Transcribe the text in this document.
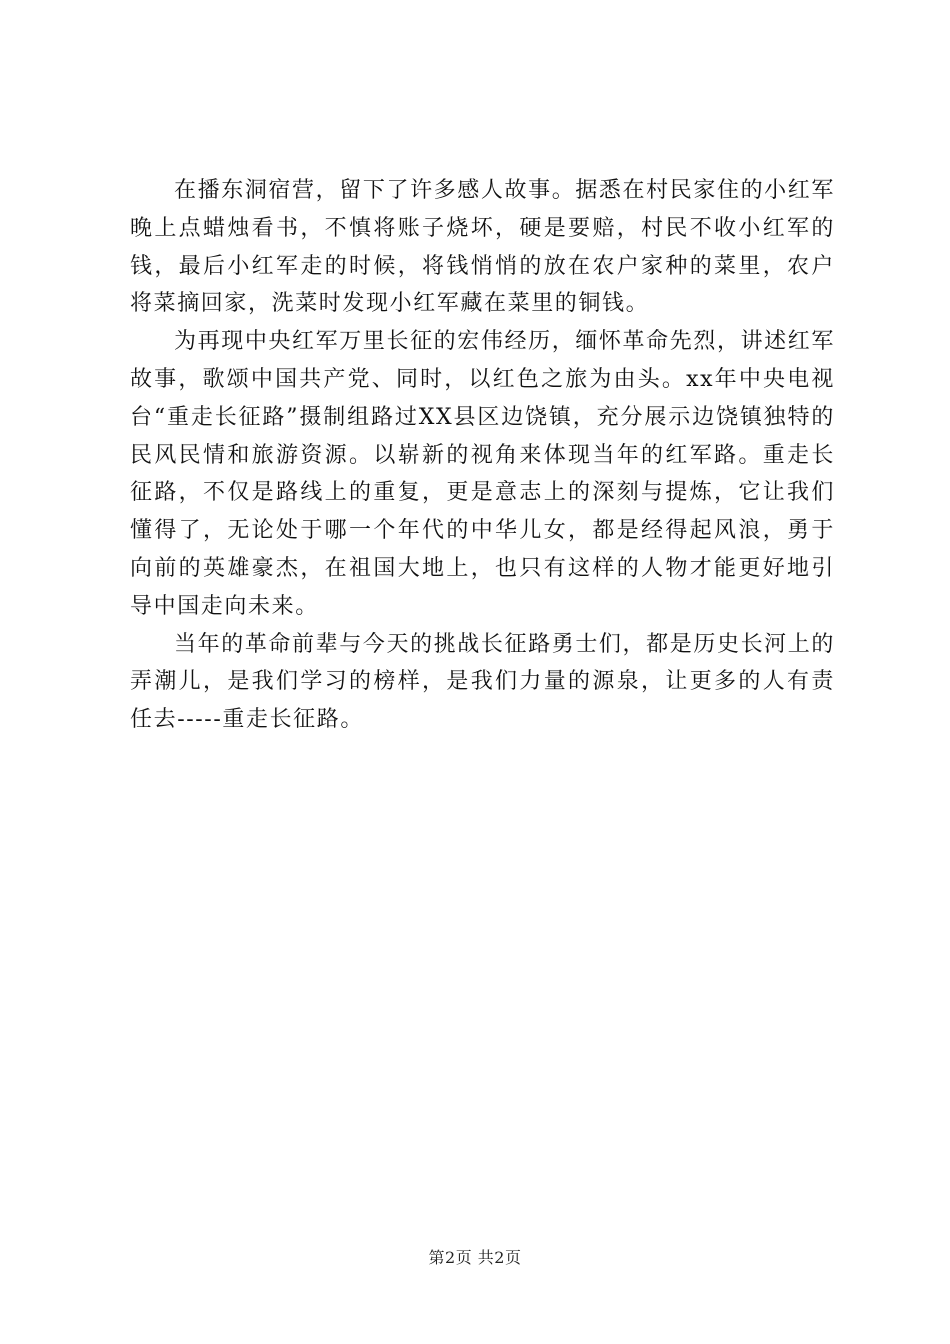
在播东洞宿营，留下了许多感人故事。据悉在村民家住的小红军晚上点蜡烛看书，不慎将账子烧坏，硬是要赔，村民不收小红军的钱，最后小红军走的时候，将钱悄悄的放在农户家种的菜里，农户将菜摘回家，洗菜时发现小红军藏在菜里的铜钱。

为再现中央红军万里长征的宏伟经历，缅怀革命先烈，讲述红军故事，歌颂中国共产党、同时，以红色之旅为由头。xx年中央电视台“重走长征路”摄制组路过XX县区边饶镇，充分展示边饶镇独特的民风民情和旅游资源。以崭新的视角来体现当年的红军路。重走长征路，不仅是路线上的重复，更是意志上的深刻与提炼，它让我们懂得了，无论处于哪一个年代的中华儿女，都是经得起风浪，勇于向前的英雄豪杰，在祖国大地上，也只有这样的人物才能更好地引导中国走向未来。

当年的革命前辈与今天的挑战长征路勇士们，都是历史长河上的弄潮儿，是我们学习的榜样，是我们力量的源泉，让更多的人有责任去-----重走长征路。

第2页 共2页
